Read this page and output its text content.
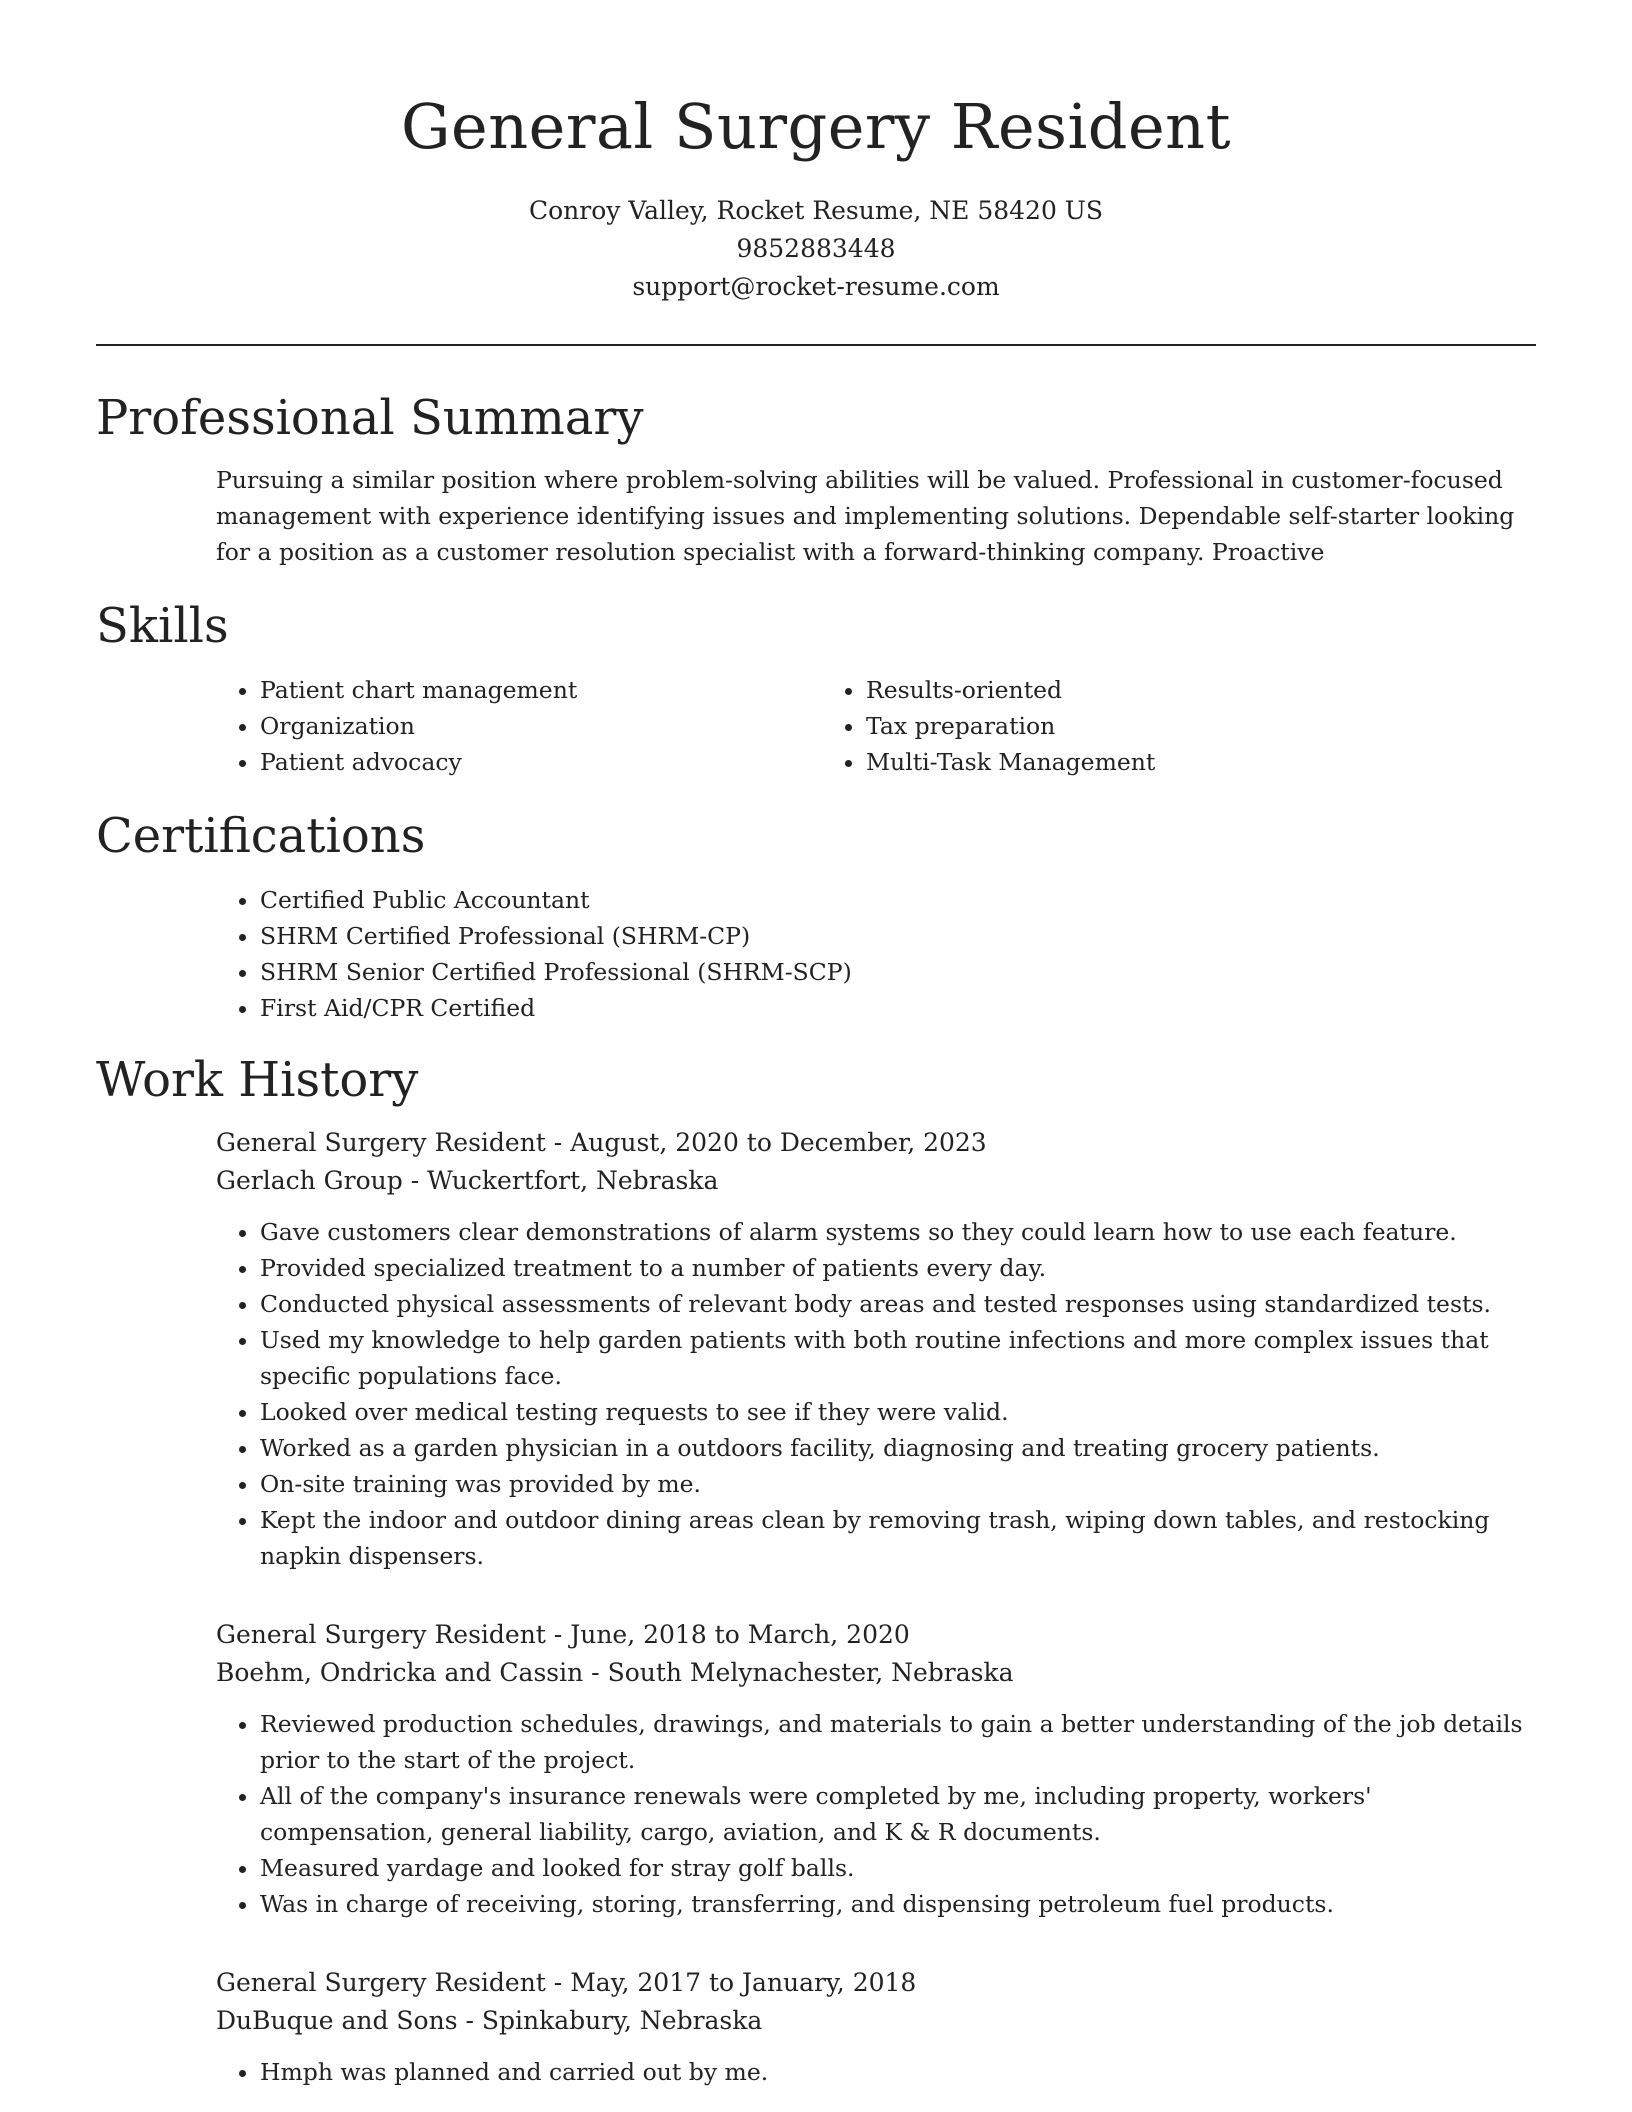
General Surgery Resident
Conroy Valley, Rocket Resume, NE 58420 US
9852883448
support@rocket-resume.com
Professional Summary

Pursuing a similar position where problem-solving abilities will be valued. Professional in customer-focused management with experience identifying issues and implementing solutions. Dependable self-starter looking for a position as a customer resolution specialist with a forward-thinking company. Proactive

Skills
• Patient chart management
• Organization
• Patient advocacy
• Results-oriented
• Tax preparation
• Multi-Task Management
Certifications
• Certified Public Accountant
• SHRM Certified Professional (SHRM-CP)
• SHRM Senior Certified Professional (SHRM-SCP)
• First Aid/CPR Certified
Work History
General Surgery Resident - August, 2020 to December, 2023
Gerlach Group - Wuckertfort, Nebraska
• Gave customers clear demonstrations of alarm systems so they could learn how to use each feature.
• Provided specialized treatment to a number of patients every day.
• Conducted physical assessments of relevant body areas and tested responses using standardized tests.
• Used my knowledge to help garden patients with both routine infections and more complex issues that specific populations face.
• Looked over medical testing requests to see if they were valid.
• Worked as a garden physician in a outdoors facility, diagnosing and treating grocery patients.
• On-site training was provided by me.
• Kept the indoor and outdoor dining areas clean by removing trash, wiping down tables, and restocking napkin dispensers.
General Surgery Resident - June, 2018 to March, 2020
Boehm, Ondricka and Cassin - South Melynachester, Nebraska
• Reviewed production schedules, drawings, and materials to gain a better understanding of the job details prior to the start of the project.
• All of the company's insurance renewals were completed by me, including property, workers' compensation, general liability, cargo, aviation, and K & R documents.
• Measured yardage and looked for stray golf balls.
• Was in charge of receiving, storing, transferring, and dispensing petroleum fuel products.
General Surgery Resident - May, 2017 to January, 2018
DuBuque and Sons - Spinkabury, Nebraska
• Hmph was planned and carried out by me.
